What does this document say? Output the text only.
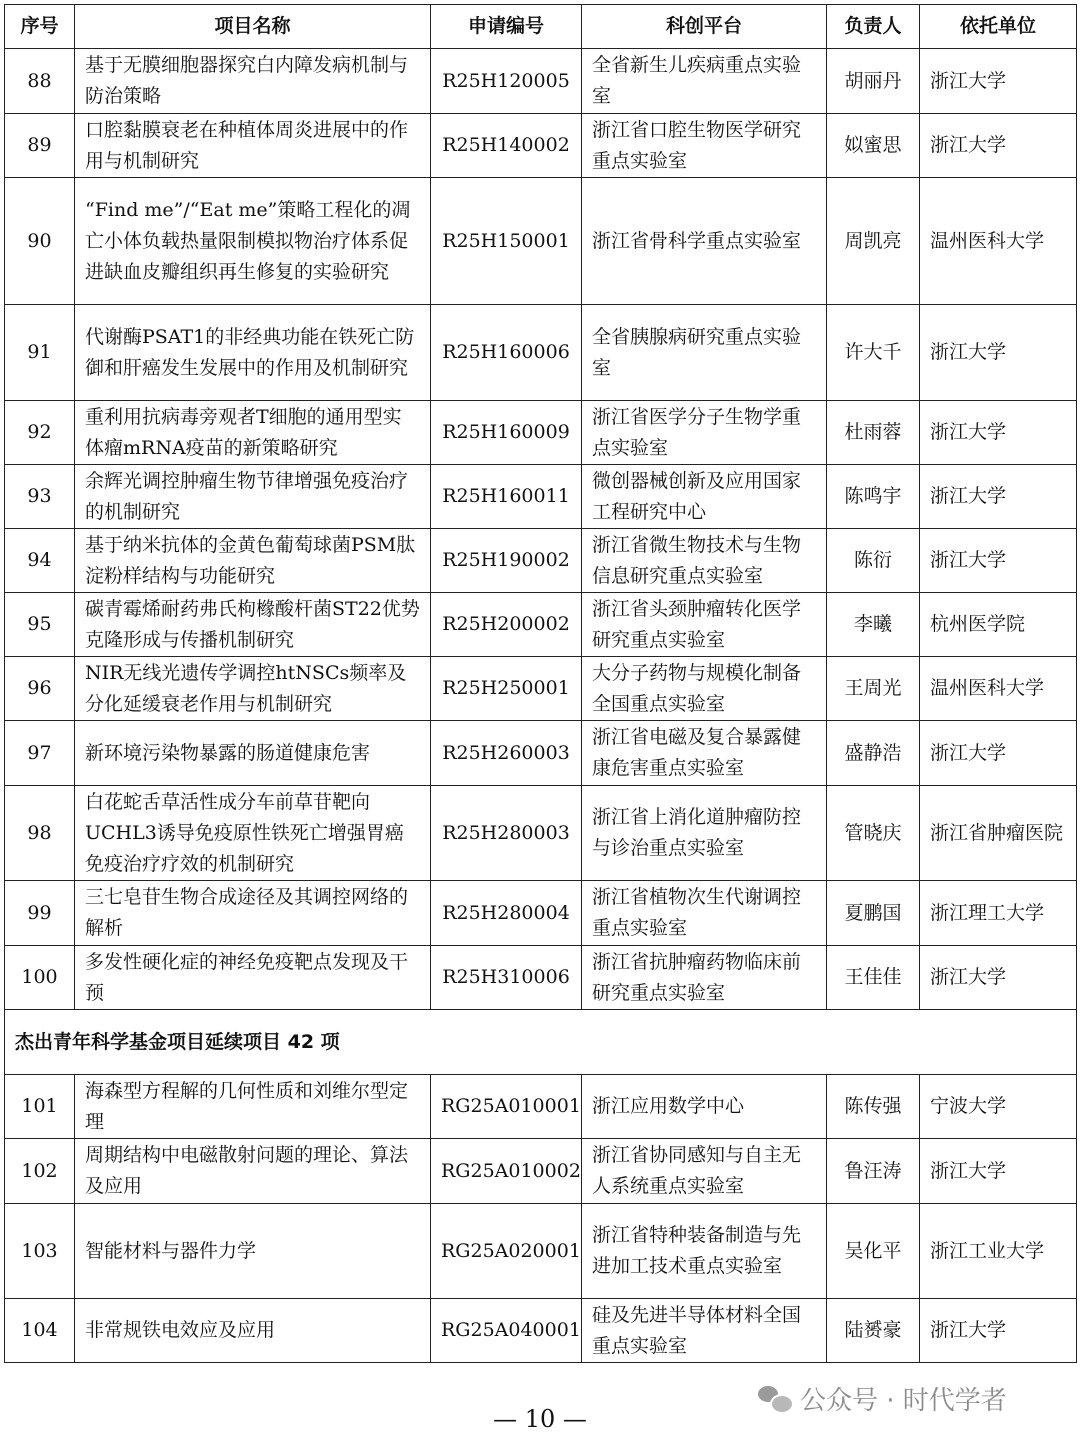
序号	项目名称	申请编号	科创平台	负责人	依托单位
88	基于无膜细胞器探究白内障发病机制与防治策略	R25H120005	全省新生儿疾病重点实验室	胡丽丹	浙江大学
89	口腔黏膜衰老在种植体周炎进展中的作用与机制研究	R25H140002	浙江省口腔生物医学研究重点实验室	姒蜜思	浙江大学
90	“Find me”/“Eat me”策略工程化的凋亡小体负载热量限制模拟物治疗体系促进缺血皮瓣组织再生修复的实验研究	R25H150001	浙江省骨科学重点实验室	周凯亮	温州医科大学
91	代谢酶PSAT1的非经典功能在铁死亡防御和肝癌发生发展中的作用及机制研究	R25H160006	全省胰腺病研究重点实验室	许大千	浙江大学
92	重利用抗病毒旁观者T细胞的通用型实体瘤mRNA疫苗的新策略研究	R25H160009	浙江省医学分子生物学重点实验室	杜雨蓉	浙江大学
93	余辉光调控肿瘤生物节律增强免疫治疗的机制研究	R25H160011	微创器械创新及应用国家工程研究中心	陈鸣宇	浙江大学
94	基于纳米抗体的金黄色葡萄球菌PSM肽淀粉样结构与功能研究	R25H190002	浙江省微生物技术与生物信息研究重点实验室	陈衍	浙江大学
95	碳青霉烯耐药弗氏枸橼酸杆菌ST22优势克隆形成与传播机制研究	R25H200002	浙江省头颈肿瘤转化医学研究重点实验室	李曦	杭州医学院
96	NIR无线光遗传学调控htNSCs频率及分化延缓衰老作用与机制研究	R25H250001	大分子药物与规模化制备全国重点实验室	王周光	温州医科大学
97	新环境污染物暴露的肠道健康危害	R25H260003	浙江省电磁及复合暴露健康危害重点实验室	盛静浩	浙江大学
98	白花蛇舌草活性成分车前草苷靶向UCHL3诱导免疫原性铁死亡增强胃癌免疫治疗疗效的机制研究	R25H280003	浙江省上消化道肿瘤防控与诊治重点实验室	管晓庆	浙江省肿瘤医院
99	三七皂苷生物合成途径及其调控网络的解析	R25H280004	浙江省植物次生代谢调控重点实验室	夏鹏国	浙江理工大学
100	多发性硬化症的神经免疫靶点发现及干预	R25H310006	浙江省抗肿瘤药物临床前研究重点实验室	王佳佳	浙江大学
杰出青年科学基金项目延续项目 42 项					
101	海森型方程解的几何性质和刘维尔型定理	RG25A010001	浙江应用数学中心	陈传强	宁波大学
102	周期结构中电磁散射问题的理论、算法及应用	RG25A010002	浙江省协同感知与自主无人系统重点实验室	鲁汪涛	浙江大学
103	智能材料与器件力学	RG25A020001	浙江省特种装备制造与先进加工技术重点实验室	吴化平	浙江工业大学
104	非常规铁电效应及应用	RG25A040001	硅及先进半导体材料全国重点实验室	陆赟豪	浙江大学
公众号 · 时代学者
— 10 —
